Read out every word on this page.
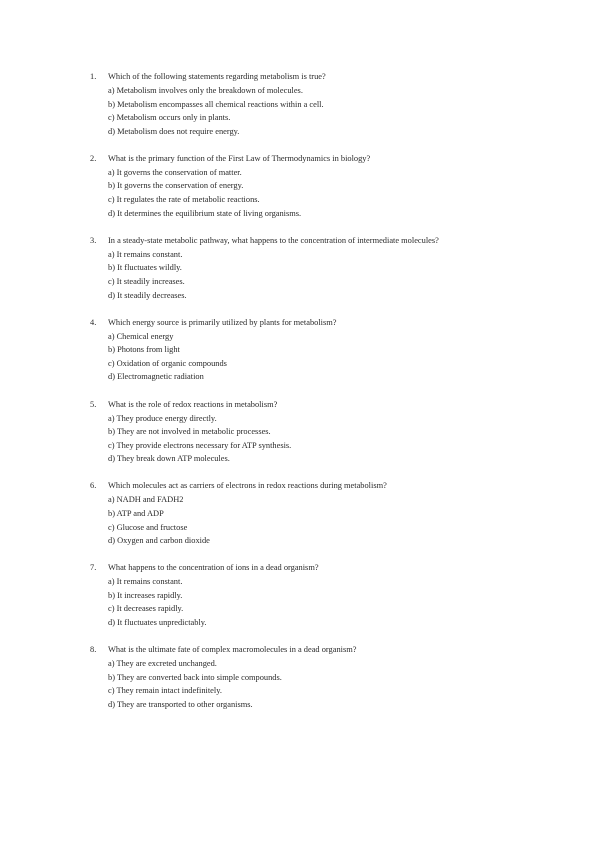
1.	Which of the following statements regarding metabolism is true?
a) Metabolism involves only the breakdown of molecules.
b) Metabolism encompasses all chemical reactions within a cell.
c) Metabolism occurs only in plants.
d) Metabolism does not require energy.
2.	What is the primary function of the First Law of Thermodynamics in biology?
a) It governs the conservation of matter.
b) It governs the conservation of energy.
c) It regulates the rate of metabolic reactions.
d) It determines the equilibrium state of living organisms.
3.	In a steady-state metabolic pathway, what happens to the concentration of intermediate molecules?
a) It remains constant.
b) It fluctuates wildly.
c) It steadily increases.
d) It steadily decreases.
4.	Which energy source is primarily utilized by plants for metabolism?
a) Chemical energy
b) Photons from light
c) Oxidation of organic compounds
d) Electromagnetic radiation
5.	What is the role of redox reactions in metabolism?
a) They produce energy directly.
b) They are not involved in metabolic processes.
c) They provide electrons necessary for ATP synthesis.
d) They break down ATP molecules.
6.	Which molecules act as carriers of electrons in redox reactions during metabolism?
a) NADH and FADH2
b) ATP and ADP
c) Glucose and fructose
d) Oxygen and carbon dioxide
7.	What happens to the concentration of ions in a dead organism?
a) It remains constant.
b) It increases rapidly.
c) It decreases rapidly.
d) It fluctuates unpredictably.
8.	What is the ultimate fate of complex macromolecules in a dead organism?
a) They are excreted unchanged.
b) They are converted back into simple compounds.
c) They remain intact indefinitely.
d) They are transported to other organisms.
